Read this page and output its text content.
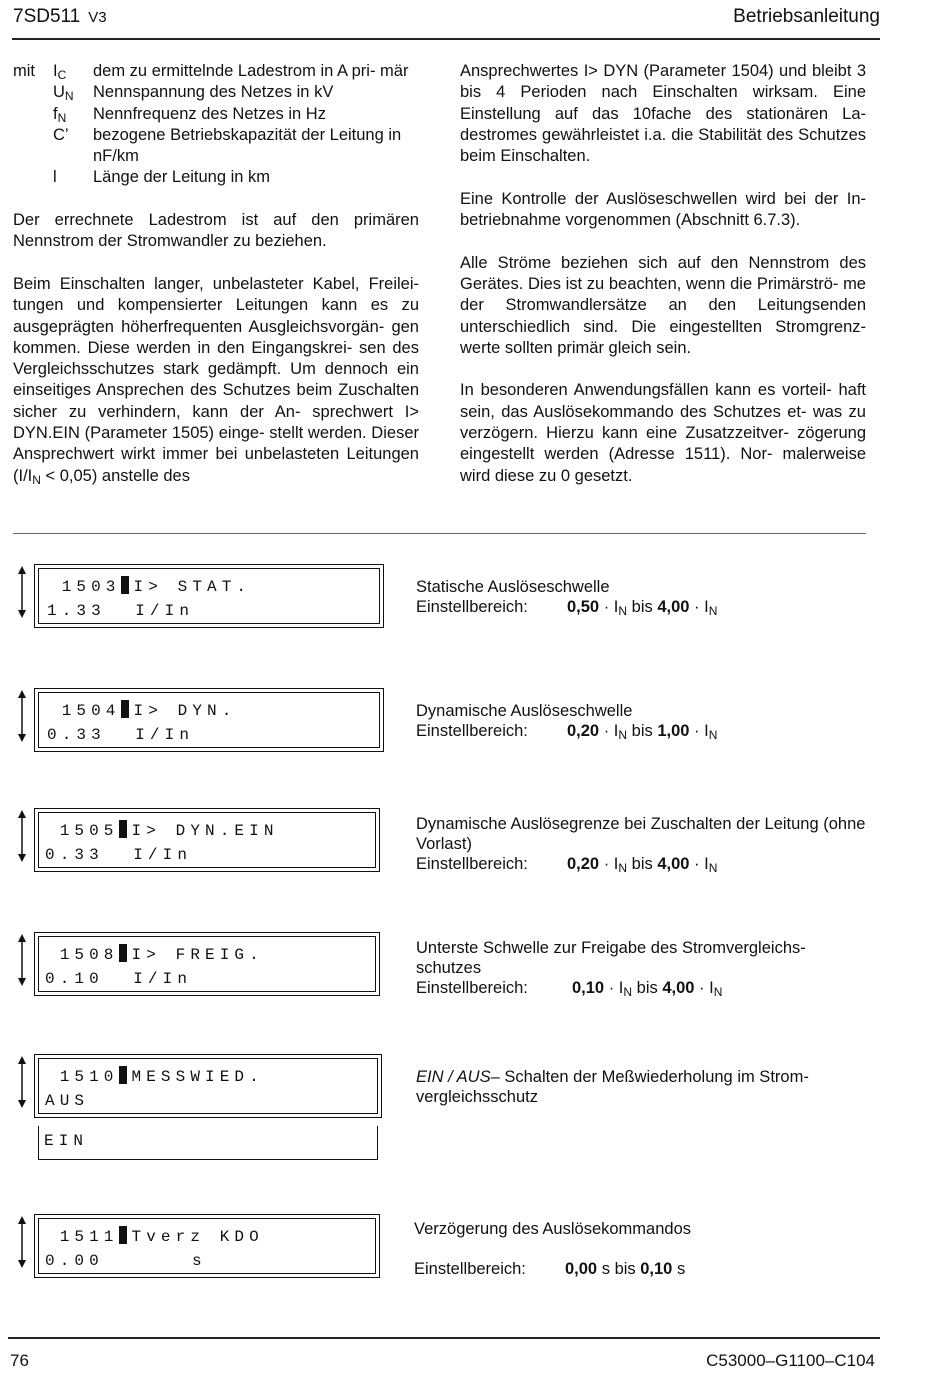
7SD511 V3	Betriebsanleitung
mit	$I_C$	dem zu ermittelnde Ladestrom in A pri- mär
$U_N$	Nennspannung des Netzes in kV
$f_N$	Nennfrequenz des Netzes in Hz
C’	bezogene Betriebskapazität der Leitung in nF/km
l	Länge der Leitung in km

Der errechnete Ladestrom ist auf den primären Nennstrom der Stromwandler zu beziehen.

Beim Einschalten langer, unbelasteter Kabel, Freilei- tungen und kompensierter Leitungen kann es zu ausgeprägten höherfrequenten Ausgleichsvorgän- gen kommen. Diese werden in den Eingangskrei- sen des Vergleichsschutzes stark gedämpft. Um dennoch ein einseitiges Ansprechen des Schutzes beim Zuschalten sicher zu verhindern, kann der An- sprechwert I> DYN.EIN (Parameter 1505) einge- stellt werden. Dieser Ansprechwert wirkt immer bei unbelasteten Leitungen $(I/I_N < 0,05)$ anstelle des

Ansprechwertes I> DYN (Parameter 1504) und bleibt 3 bis 4 Perioden nach Einschalten wirksam. Eine Einstellung auf das 10fache des stationären La- destromes gewährleistet i.a. die Stabilität des Schutzes beim Einschalten.

Eine Kontrolle der Auslöseschwellen wird bei der In- betriebnahme vorgenommen (Abschnitt 6.7.3).

Alle Ströme beziehen sich auf den Nennstrom des Gerätes. Dies ist zu beachten, wenn die Primärströ- me der Stromwandlersätze an den Leitungsenden unterschiedlich sind. Die eingestellten Stromgrenz- werte sollten primär gleich sein.

In besonderen Anwendungsfällen kann es vorteil- haft sein, das Auslösekommando des Schutzes et- was zu verzögern. Hierzu kann eine Zusatzzeitver- zögerung eingestellt werden (Adresse 1511). Nor- malerweise wird diese zu 0 gesetzt.

1503 I> STAT.
1.33  I/In
Statische Auslöseschwelle
Einstellbereich:	$0,50 \cdot I_N$ bis $4,00 \cdot I_N$
1504 I> DYN.
0.33  I/In
Dynamische Auslöseschwelle
Einstellbereich:	$0,20 \cdot I_N$ bis $1,00 \cdot I_N$
1505 I> DYN.EIN
0.33  I/In
Dynamische Auslösegrenze bei Zuschalten der Leitung (ohne Vorlast)
Einstellbereich:	$0,20 \cdot I_N$ bis $4,00 \cdot I_N$
1508 I> FREIG.
0.10  I/In
Unterste Schwelle zur Freigabe des Stromvergleichs- schutzes
Einstellbereich:	$0,10 \cdot I_N$ bis $4,00 \cdot I_N$
1510 MESSWIED.
AUS
EIN
EIN / AUS– Schalten der Meßwiederholung im Strom- vergleichsschutz
1511 Tverz KDO
0.00      s
Verzögerung des Auslösekommandos
Einstellbereich:	0,00 s bis 0,10 s
76	C53000–G1100–C104
